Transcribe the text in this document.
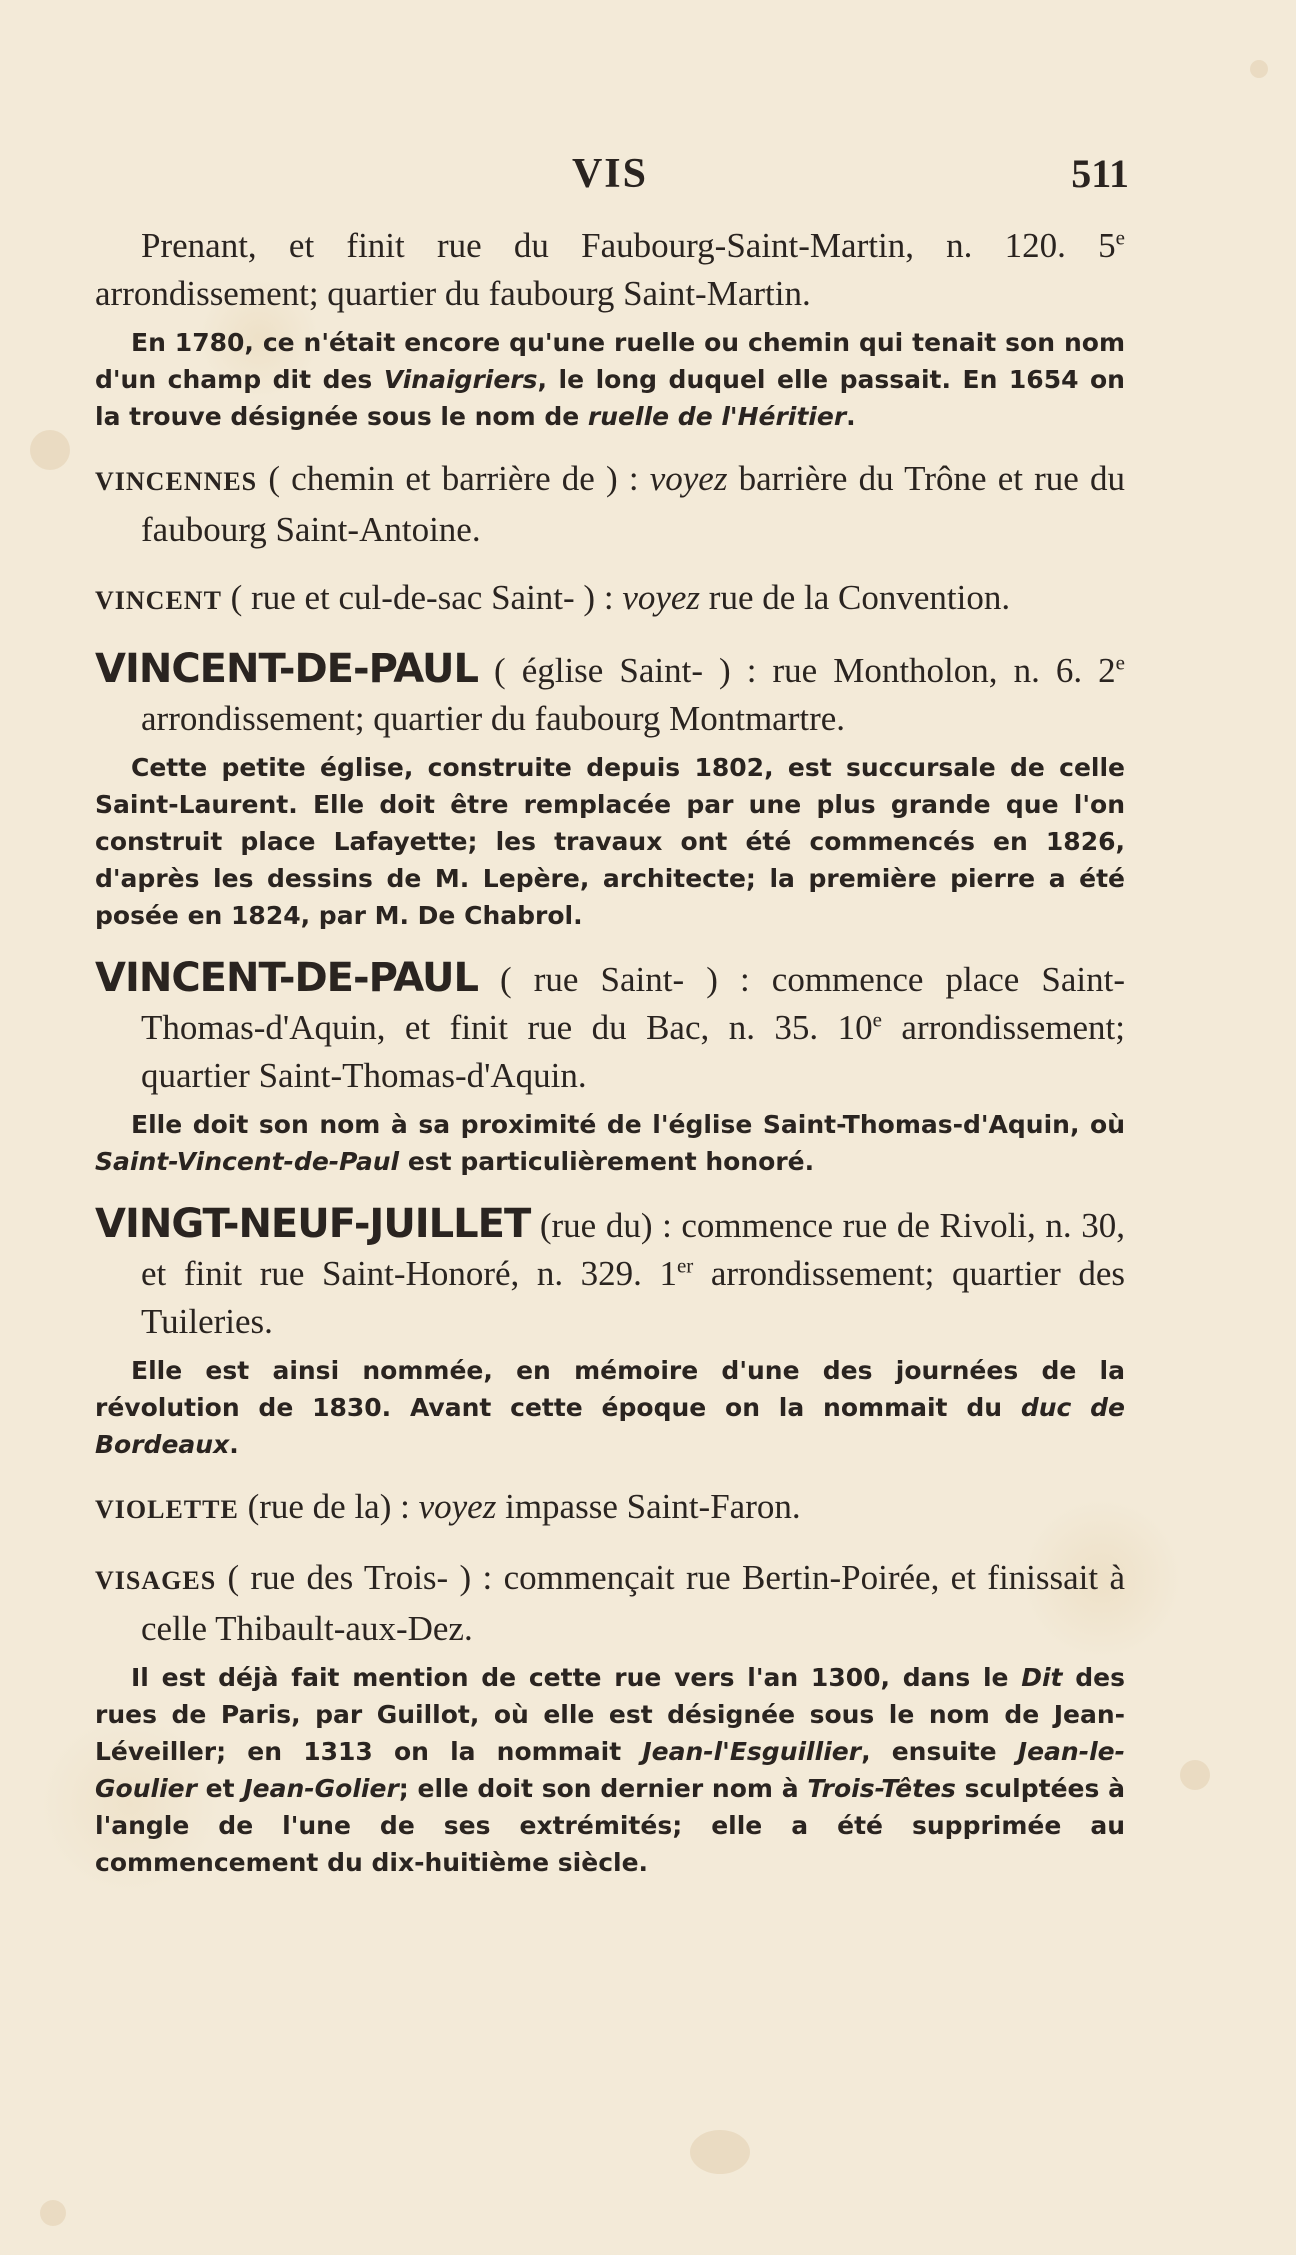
VIS	511

Prenant, et finit rue du Faubourg-Saint-Martin, n. 120. 5e arrondissement; quartier du faubourg Saint-Martin.

En 1780, ce n'était encore qu'une ruelle ou chemin qui tenait son nom d'un champ dit des Vinaigriers, le long duquel elle passait. En 1654 on la trouve désignée sous le nom de ruelle de l'Héritier.

VINCENNES ( chemin et barrière de ) : voyez barrière du Trône et rue du faubourg Saint-Antoine.

VINCENT ( rue et cul-de-sac Saint- ) : voyez rue de la Convention.

VINCENT-DE-PAUL ( église Saint- ) : rue Montholon, n. 6. 2e arrondissement; quartier du faubourg Montmartre.

Cette petite église, construite depuis 1802, est succursale de celle Saint-Laurent. Elle doit être remplacée par une plus grande que l'on construit place Lafayette; les travaux ont été commencés en 1826, d'après les dessins de M. Lepère, architecte; la première pierre a été posée en 1824, par M. De Chabrol.

VINCENT-DE-PAUL ( rue Saint- ) : commence place Saint-Thomas-d'Aquin, et finit rue du Bac, n. 35. 10e arrondissement; quartier Saint-Thomas-d'Aquin.

Elle doit son nom à sa proximité de l'église Saint-Thomas-d'Aquin, où Saint-Vincent-de-Paul est particulièrement honoré.

VINGT-NEUF-JUILLET (rue du) : commence rue de Rivoli, n. 30, et finit rue Saint-Honoré, n. 329. 1er arrondissement; quartier des Tuileries.

Elle est ainsi nommée, en mémoire d'une des journées de la révolution de 1830. Avant cette époque on la nommait du duc de Bordeaux.

VIOLETTE (rue de la) : voyez impasse Saint-Faron.

VISAGES ( rue des Trois- ) : commençait rue Bertin-Poirée, et finissait à celle Thibault-aux-Dez.

Il est déjà fait mention de cette rue vers l'an 1300, dans le Dit des rues de Paris, par Guillot, où elle est désignée sous le nom de Jean-Léveiller; en 1313 on la nommait Jean-l'Esguillier, ensuite Jean-le-Goulier et Jean-Golier; elle doit son dernier nom à Trois-Têtes sculptées à l'angle de l'une de ses extrémités; elle a été supprimée au commencement du dix-huitième siècle.
